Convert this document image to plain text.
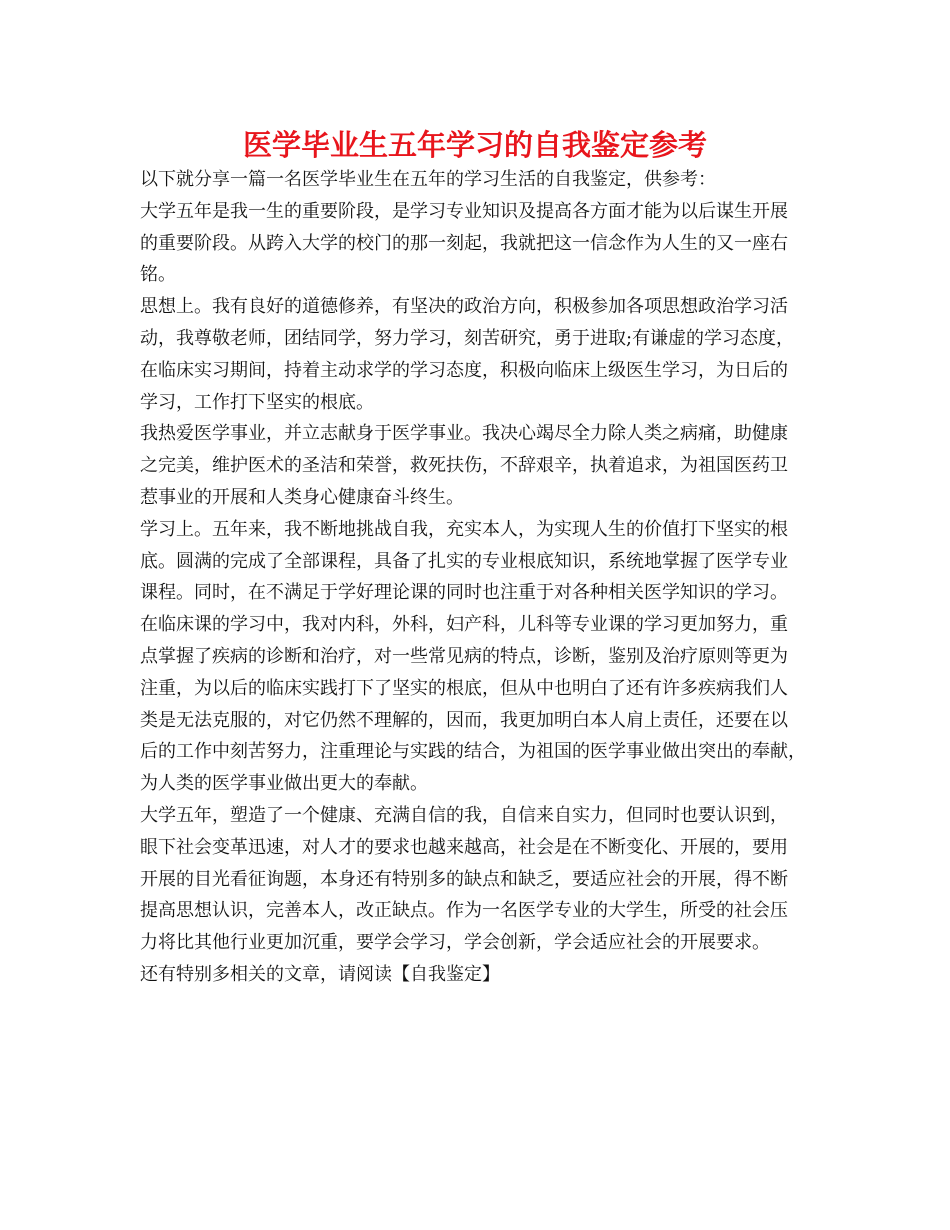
医学毕业生五年学习的自我鉴定参考
以下就分享一篇一名医学毕业生在五年的学习生活的自我鉴定，供参考：
大学五年是我一生的重要阶段，是学习专业知识及提高各方面才能为以后谋生开展
的重要阶段。从跨入大学的校门的那一刻起，我就把这一信念作为人生的又一座右
铭。
思想上。我有良好的道德修养，有坚决的政治方向，积极参加各项思想政治学习活
动，我尊敬老师，团结同学，努力学习，刻苦研究，勇于进取;有谦虚的学习态度，
在临床实习期间，持着主动求学的学习态度，积极向临床上级医生学习，为日后的
学习，工作打下坚实的根底。
我热爱医学事业，并立志献身于医学事业。我决心竭尽全力除人类之病痛，助健康
之完美，维护医术的圣洁和荣誉，救死扶伤，不辞艰辛，执着追求，为祖国医药卫
惹事业的开展和人类身心健康奋斗终生。
学习上。五年来，我不断地挑战自我，充实本人，为实现人生的价值打下坚实的根
底。圆满的完成了全部课程，具备了扎实的专业根底知识，系统地掌握了医学专业
课程。同时，在不满足于学好理论课的同时也注重于对各种相关医学知识的学习。
在临床课的学习中，我对内科，外科，妇产科，儿科等专业课的学习更加努力，重
点掌握了疾病的诊断和治疗，对一些常见病的特点，诊断，鉴别及治疗原则等更为
注重，为以后的临床实践打下了坚实的根底，但从中也明白了还有许多疾病我们人
类是无法克服的，对它仍然不理解的，因而，我更加明白本人肩上责任，还要在以
后的工作中刻苦努力，注重理论与实践的结合，为祖国的医学事业做出突出的奉献，
为人类的医学事业做出更大的奉献。
大学五年，塑造了一个健康、充满自信的我，自信来自实力，但同时也要认识到，
眼下社会变革迅速，对人才的要求也越来越高，社会是在不断变化、开展的，要用
开展的目光看征询题，本身还有特别多的缺点和缺乏，要适应社会的开展，得不断
提高思想认识，完善本人，改正缺点。作为一名医学专业的大学生，所受的社会压
力将比其他行业更加沉重，要学会学习，学会创新，学会适应社会的开展要求。
还有特别多相关的文章，请阅读【自我鉴定】
